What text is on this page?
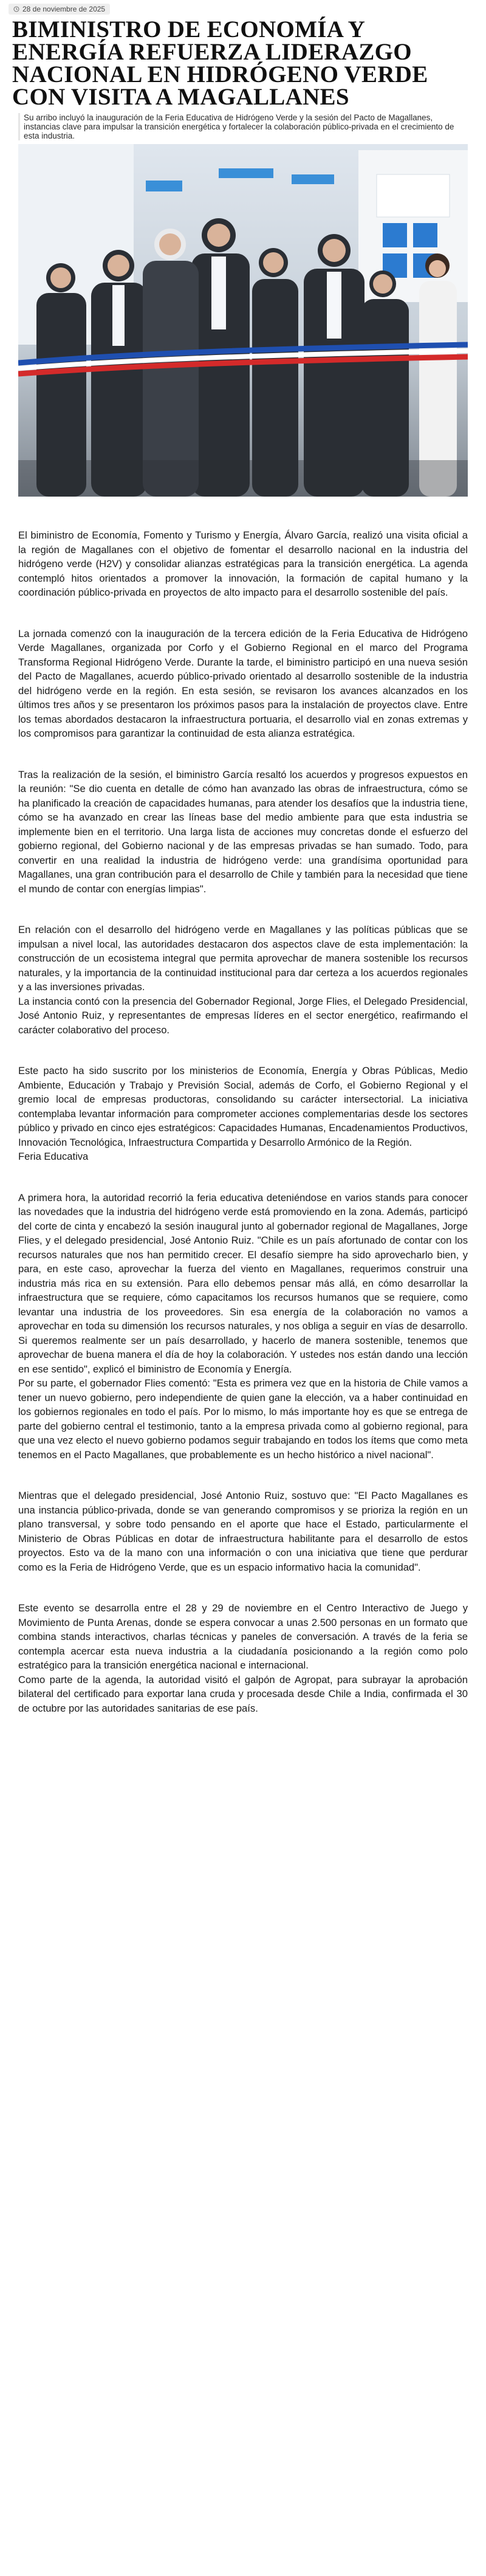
28 de noviembre de 2025
BIMINISTRO DE ECONOMÍA Y ENERGÍA REFUERZA LIDERAZGO NACIONAL EN HIDRÓGENO VERDE CON VISITA A MAGALLANES
Su arribo incluyó la inauguración de la Feria Educativa de Hidrógeno Verde y la sesión del Pacto de Magallanes, instancias clave para impulsar la transición energética y fortalecer la colaboración público-privada en el crecimiento de esta industria.

El biministro de Economía, Fomento y Turismo y Energía, Álvaro García, realizó una visita oficial a la región de Magallanes con el objetivo de fomentar el desarrollo nacional en la industria del hidrógeno verde (H2V) y consolidar alianzas estratégicas para la transición energética. La agenda contempló hitos orientados a promover la innovación, la formación de capital humano y la coordinación público-privada en proyectos de alto impacto para el desarrollo sostenible del país.

La jornada comenzó con la inauguración de la tercera edición de la Feria Educativa de Hidrógeno Verde Magallanes, organizada por Corfo y el Gobierno Regional en el marco del Programa Transforma Regional Hidrógeno Verde. Durante la tarde, el biministro participó en una nueva sesión del Pacto de Magallanes, acuerdo público-privado orientado al desarrollo sostenible de la industria del hidrógeno verde en la región. En esta sesión, se revisaron los avances alcanzados en los últimos tres años y se presentaron los próximos pasos para la instalación de proyectos clave. Entre los temas abordados destacaron la infraestructura portuaria, el desarrollo vial en zonas extremas y los compromisos para garantizar la continuidad de esta alianza estratégica.

Tras la realización de la sesión, el biministro García resaltó los acuerdos y progresos expuestos en la reunión: "Se dio cuenta en detalle de cómo han avanzado las obras de infraestructura, cómo se ha planificado la creación de capacidades humanas, para atender los desafíos que la industria tiene, cómo se ha avanzado en crear las líneas base del medio ambiente para que esta industria se implemente bien en el territorio. Una larga lista de acciones muy concretas donde el esfuerzo del gobierno regional, del Gobierno nacional y de las empresas privadas se han sumado. Todo, para convertir en una realidad la industria de hidrógeno verde: una grandísima oportunidad para Magallanes, una gran contribución para el desarrollo de Chile y también para la necesidad que tiene el mundo de contar con energías limpias".

En relación con el desarrollo del hidrógeno verde en Magallanes y las políticas públicas que se impulsan a nivel local, las autoridades destacaron dos aspectos clave de esta implementación: la construcción de un ecosistema integral que permita aprovechar de manera sostenible los recursos naturales, y la importancia de la continuidad institucional para dar certeza a los acuerdos regionales y a las inversiones privadas.

La instancia contó con la presencia del Gobernador Regional, Jorge Flies, el Delegado Presidencial, José Antonio Ruiz, y representantes de empresas líderes en el sector energético, reafirmando el carácter colaborativo del proceso.

Este pacto ha sido suscrito por los ministerios de Economía, Energía y Obras Públicas, Medio Ambiente, Educación y Trabajo y Previsión Social, además de Corfo, el Gobierno Regional y el gremio local de empresas productoras, consolidando su carácter intersectorial. La iniciativa contemplaba levantar información para comprometer acciones complementarias desde los sectores público y privado en cinco ejes estratégicos: Capacidades Humanas, Encadenamientos Productivos, Innovación Tecnológica, Infraestructura Compartida y Desarrollo Armónico de la Región.

Feria Educativa

A primera hora, la autoridad recorrió la feria educativa deteniéndose en varios stands para conocer las novedades que la industria del hidrógeno verde está promoviendo en la zona. Además, participó del corte de cinta y encabezó la sesión inaugural junto al gobernador regional de Magallanes, Jorge Flies, y el delegado presidencial, José Antonio Ruiz. "Chile es un país afortunado de contar con los recursos naturales que nos han permitido crecer. El desafío siempre ha sido aprovecharlo bien, y para, en este caso, aprovechar la fuerza del viento en Magallanes, requerimos construir una industria más rica en su extensión. Para ello debemos pensar más allá, en cómo desarrollar la infraestructura que se requiere, cómo capacitamos los recursos humanos que se requiere, como levantar una industria de los proveedores. Sin esa energía de la colaboración no vamos a aprovechar en toda su dimensión los recursos naturales, y nos obliga a seguir en vías de desarrollo. Si queremos realmente ser un país desarrollado, y hacerlo de manera sostenible, tenemos que aprovechar de buena manera el día de hoy la colaboración. Y ustedes nos están dando una lección en ese sentido", explicó el biministro de Economía y Energía.

Por su parte, el gobernador Flies comentó: "Esta es primera vez que en la historia de Chile vamos a tener un nuevo gobierno, pero independiente de quien gane la elección, va a haber continuidad en los gobiernos regionales en todo el país. Por lo mismo, lo más importante hoy es que se entrega de parte del gobierno central el testimonio, tanto a la empresa privada como al gobierno regional, para que una vez electo el nuevo gobierno podamos seguir trabajando en todos los ítems que como meta tenemos en el Pacto Magallanes, que probablemente es un hecho histórico a nivel nacional".

Mientras que el delegado presidencial, José Antonio Ruiz, sostuvo que: "El Pacto Magallanes es una instancia público-privada, donde se van generando compromisos y se prioriza la región en un plano transversal, y sobre todo pensando en el aporte que hace el Estado, particularmente el Ministerio de Obras Públicas en dotar de infraestructura habilitante para el desarrollo de estos proyectos. Esto va de la mano con una información o con una iniciativa que tiene que perdurar como es la Feria de Hidrógeno Verde, que es un espacio informativo hacia la comunidad".

Este evento se desarrolla entre el 28 y 29 de noviembre en el Centro Interactivo de Juego y Movimiento de Punta Arenas, donde se espera convocar a unas 2.500 personas en un formato que combina stands interactivos, charlas técnicas y paneles de conversación. A través de la feria se contempla acercar esta nueva industria a la ciudadanía posicionando a la región como polo estratégico para la transición energética nacional e internacional.

Como parte de la agenda, la autoridad visitó el galpón de Agropat, para subrayar la aprobación bilateral del certificado para exportar lana cruda y procesada desde Chile a India, confirmada el 30 de octubre por las autoridades sanitarias de ese país.
